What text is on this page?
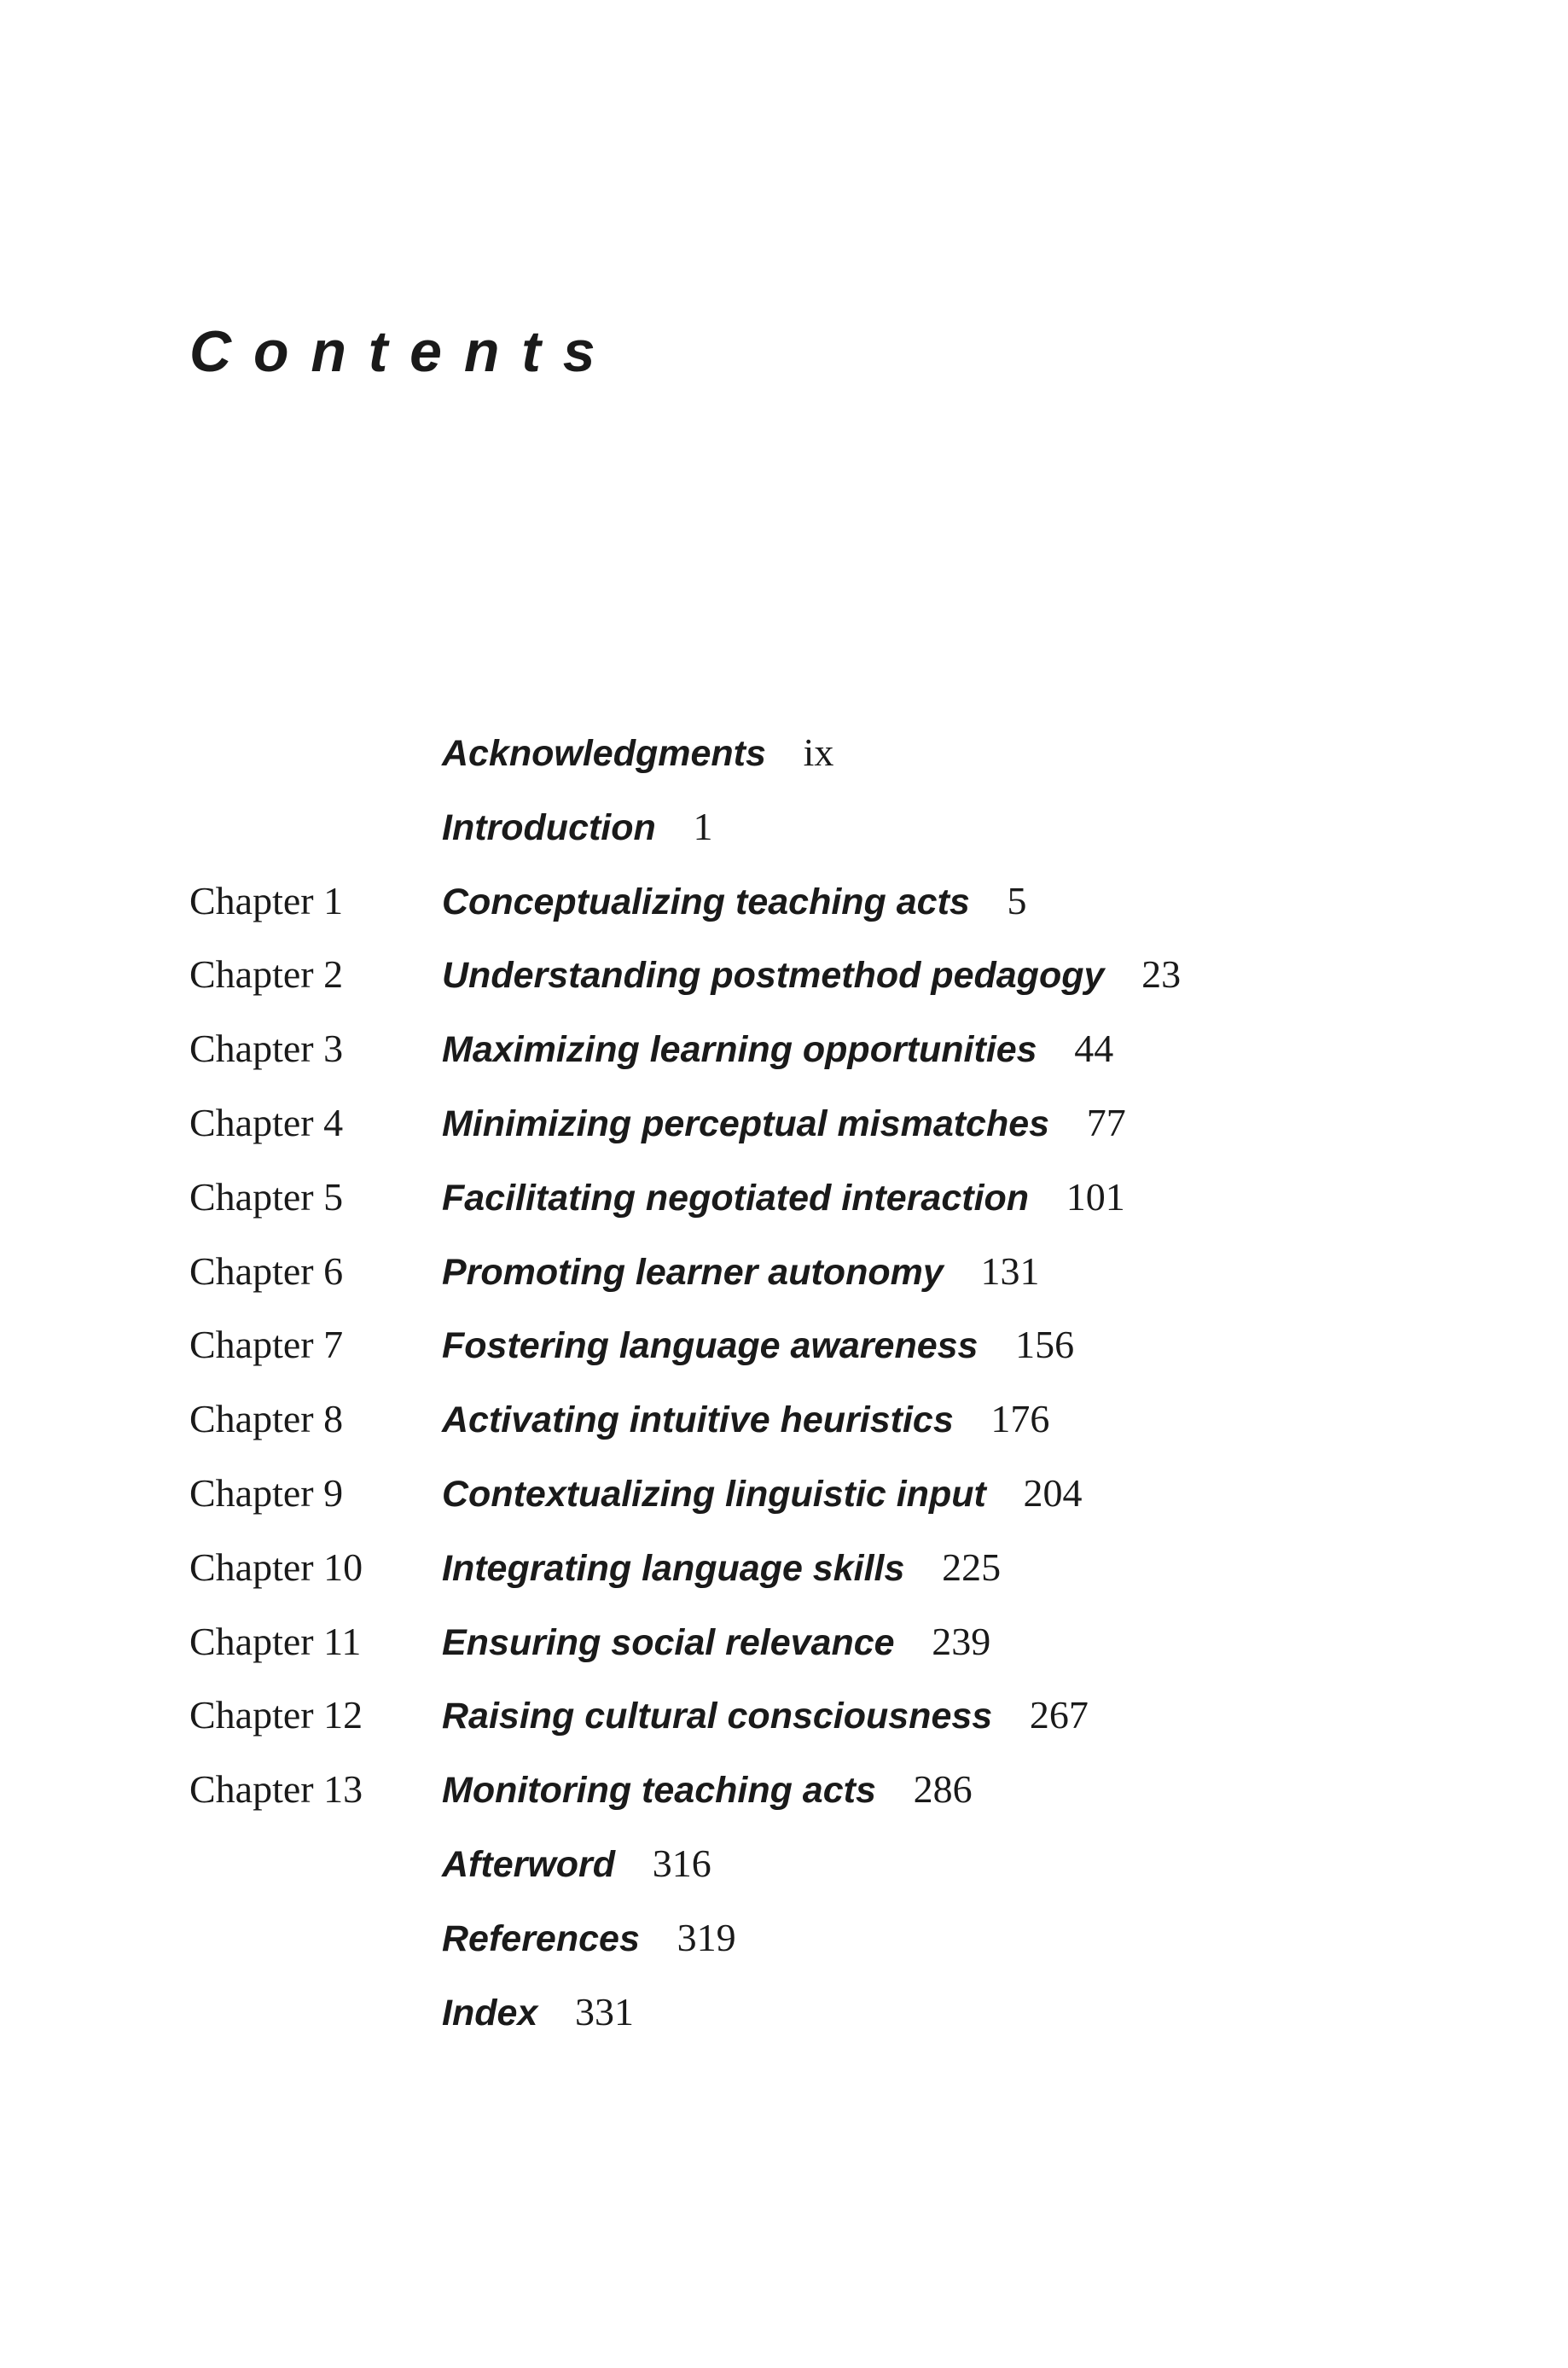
Contents
Acknowledgments ix
Introduction 1
Chapter 1	Conceptualizing teaching acts 5
Chapter 2	Understanding postmethod pedagogy 23
Chapter 3	Maximizing learning opportunities 44
Chapter 4	Minimizing perceptual mismatches 77
Chapter 5	Facilitating negotiated interaction 101
Chapter 6	Promoting learner autonomy 131
Chapter 7	Fostering language awareness 156
Chapter 8	Activating intuitive heuristics 176
Chapter 9	Contextualizing linguistic input 204
Chapter 10	Integrating language skills 225
Chapter 11	Ensuring social relevance 239
Chapter 12	Raising cultural consciousness 267
Chapter 13	Monitoring teaching acts 286
Afterword 316
References 319
Index 331
